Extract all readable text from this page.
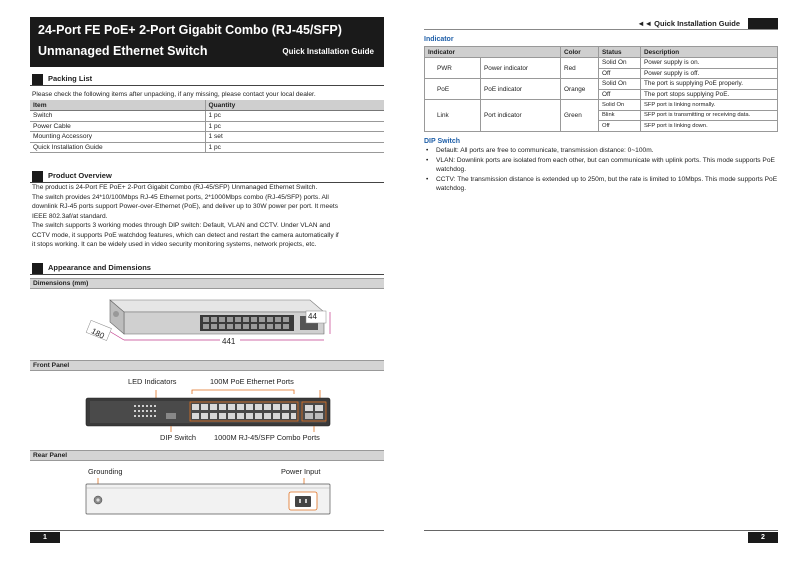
24-Port FE PoE+ 2-Port Gigabit Combo (RJ-45/SFP)
Unmanaged Ethernet Switch	Quick Installation Guide
Packing List
Please check the following items after unpacking, if any missing, please contact your local dealer.
Item	Quantity
Switch	1 pc
Power Cable	1 pc
Mounting Accessory	1 set
Quick Installation Guide	1 pc
Product Overview
The product is 24-Port FE PoE+ 2-Port Gigabit Combo (RJ-45/SFP) Unmanaged Ethernet Switch.
The switch provides 24*10/100Mbps RJ-45 Ethernet ports, 2*1000Mbps combo (RJ-45/SFP) ports. All
downlink RJ-45 ports support Power-over-Ethernet (PoE), and deliver up to 30W power per port. It meets
IEEE 802.3af/at standard.
The switch supports 3 working modes through DIP switch: Default, VLAN and CCTV. Under VLAN and
CCTV mode, it supports PoE watchdog features, which can detect and restart the camera automatically if
it stops working. It can be widely used in video security monitoring systems, network projects, etc.
Appearance and Dimensions
Dimensions (mm)
44
441
180
Front Panel
LED Indicators	100M PoE Ethernet Ports
DIP Switch 1000M RJ-45/SFP Combo Ports
Rear Panel
Grounding	Power Input
1
◄◄ Quick Installation Guide
Indicator
Indicator		Color	Status	Description
PWR	Power indicator	Red	Solid On	Power supply is on.
			Off	Power supply is off.
PoE	PoE indicator	Orange	Solid On	The port is supplying PoE properly.
			Off	The port stops supplying PoE.
Link	Port indicator	Green	Solid On	SFP port is linking normally.
			Blink	SFP port is transmitting or receiving data.
			Off	SFP port is linking down.
DIP Switch
• Default: All ports are free to communicate, transmission distance: 0~100m.
• VLAN: Downlink ports are isolated from each other, but can communicate with uplink ports. This mode supports PoE watchdog.
• CCTV: The transmission distance is extended up to 250m, but the rate is limited to 10Mbps. This mode supports PoE watchdog.
2
